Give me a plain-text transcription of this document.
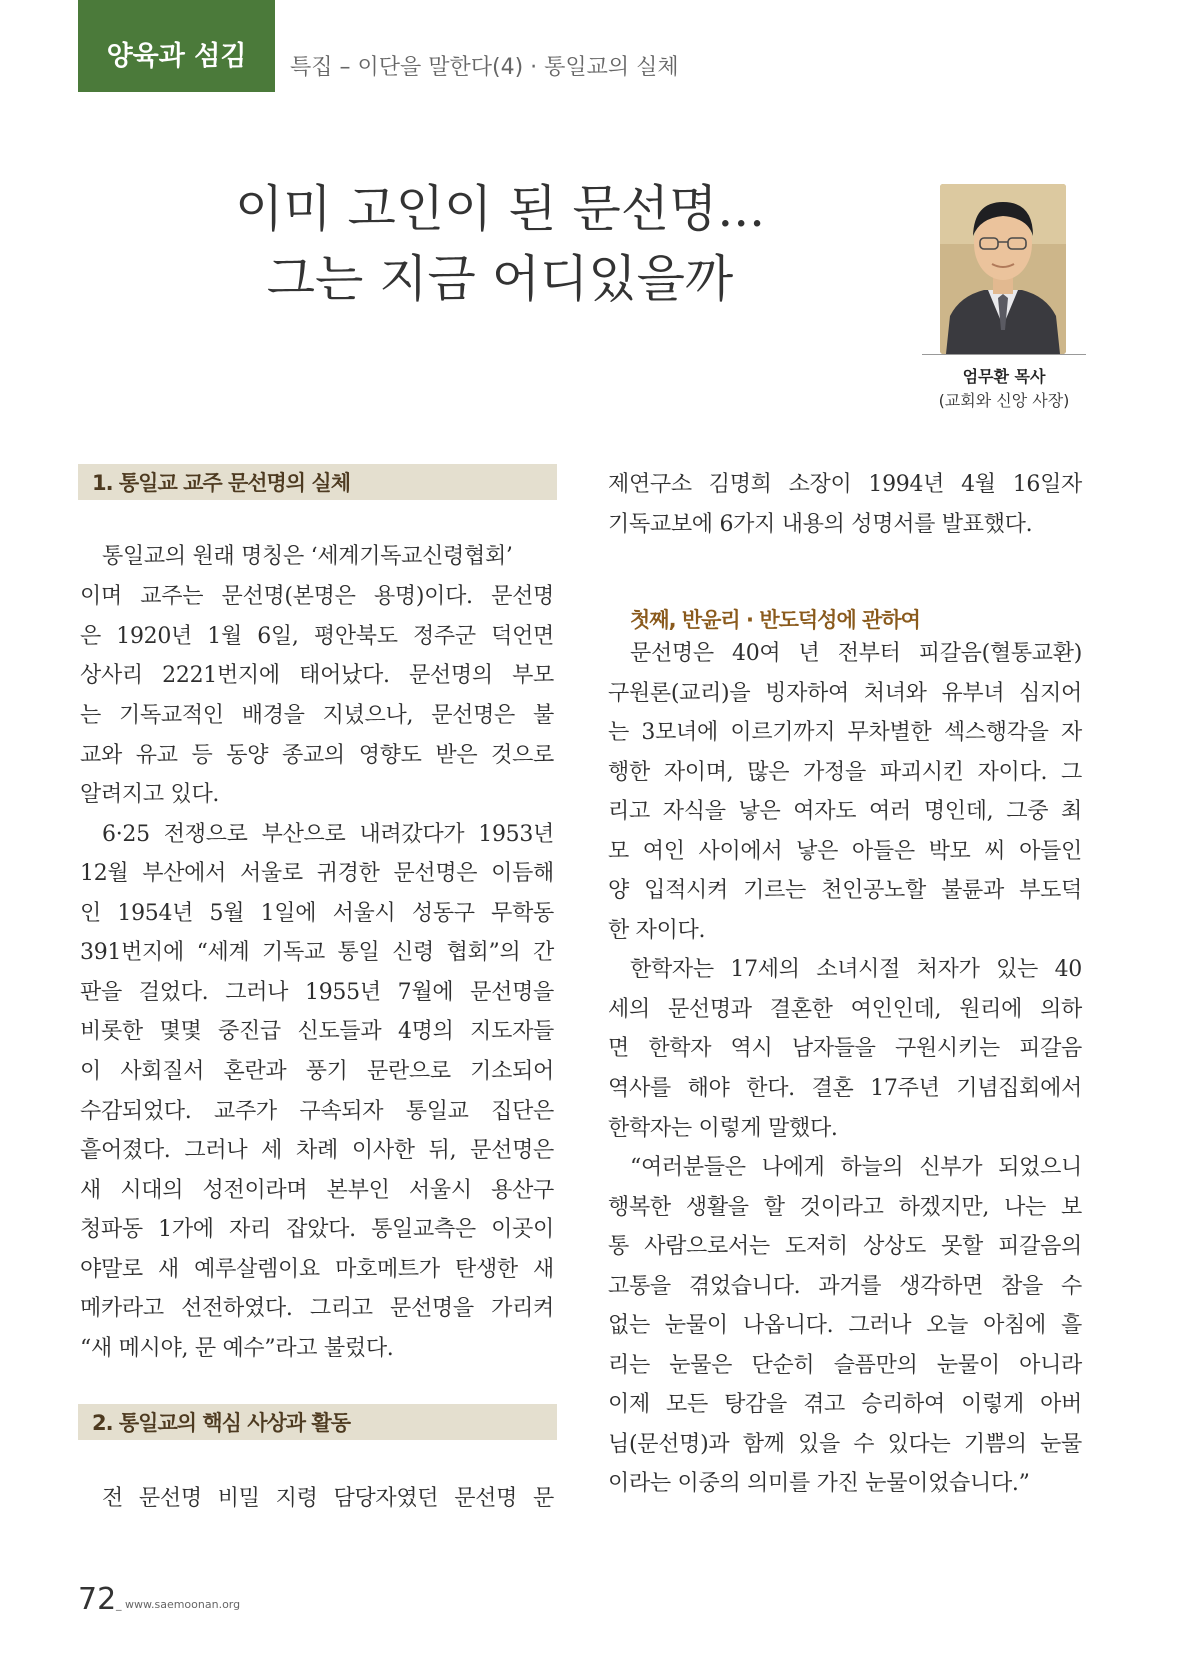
양육과 섬김	특집 – 이단을 말한다(4) · 통일교의 실체
이미 고인이 된 문선명...
그는 지금 어디있을까
엄무환 목사
(교회와 신앙 사장)
1. 통일교 교주 문선명의 실체
통일교의 원래 명칭은 ‘세계기독교신령협회’
이며 교주는 문선명(본명은 용명)이다. 문선명
은 1920년 1월 6일, 평안북도 정주군 덕언면
상사리 2221번지에 태어났다. 문선명의 부모
는 기독교적인 배경을 지녔으나, 문선명은 불
교와 유교 등 동양 종교의 영향도 받은 것으로
알려지고 있다.
6·25 전쟁으로 부산으로 내려갔다가 1953년
12월 부산에서 서울로 귀경한 문선명은 이듬해
인 1954년 5월 1일에 서울시 성동구 무학동
391번지에 “세계 기독교 통일 신령 협회”의 간
판을 걸었다. 그러나 1955년 7월에 문선명을
비롯한 몇몇 중진급 신도들과 4명의 지도자들
이 사회질서 혼란과 풍기 문란으로 기소되어
수감되었다. 교주가 구속되자 통일교 집단은
흩어졌다. 그러나 세 차례 이사한 뒤, 문선명은
새 시대의 성전이라며 본부인 서울시 용산구
청파동 1가에 자리 잡았다. 통일교측은 이곳이
야말로 새 예루살렘이요 마호메트가 탄생한 새
메카라고 선전하였다. 그리고 문선명을 가리켜
“새 메시야, 문 예수”라고 불렀다.
2. 통일교의 핵심 사상과 활동
전 문선명 비밀 지령 담당자였던 문선명 문
제연구소 김명희 소장이 1994년 4월 16일자
기독교보에 6가지 내용의 성명서를 발표했다.
첫째, 반윤리 · 반도덕성에 관하여
문선명은 40여 년 전부터 피갈음(혈통교환)
구원론(교리)을 빙자하여 처녀와 유부녀 심지어
는 3모녀에 이르기까지 무차별한 섹스행각을 자
행한 자이며, 많은 가정을 파괴시킨 자이다. 그
리고 자식을 낳은 여자도 여러 명인데, 그중 최
모 여인 사이에서 낳은 아들은 박모 씨 아들인
양 입적시켜 기르는 천인공노할 불륜과 부도덕
한 자이다.
한학자는 17세의 소녀시절 처자가 있는 40
세의 문선명과 결혼한 여인인데, 원리에 의하
면 한학자 역시 남자들을 구원시키는 피갈음
역사를 해야 한다. 결혼 17주년 기념집회에서
한학자는 이렇게 말했다.
“여러분들은 나에게 하늘의 신부가 되었으니
행복한 생활을 할 것이라고 하겠지만, 나는 보
통 사람으로서는 도저히 상상도 못할 피갈음의
고통을 겪었습니다. 과거를 생각하면 참을 수
없는 눈물이 나옵니다. 그러나 오늘 아침에 흘
리는 눈물은 단순히 슬픔만의 눈물이 아니라
이제 모든 탕감을 겪고 승리하여 이렇게 아버
님(문선명)과 함께 있을 수 있다는 기쁨의 눈물
이라는 이중의 의미를 가진 눈물이었습니다.”
72 _ www.saemoonan.org
